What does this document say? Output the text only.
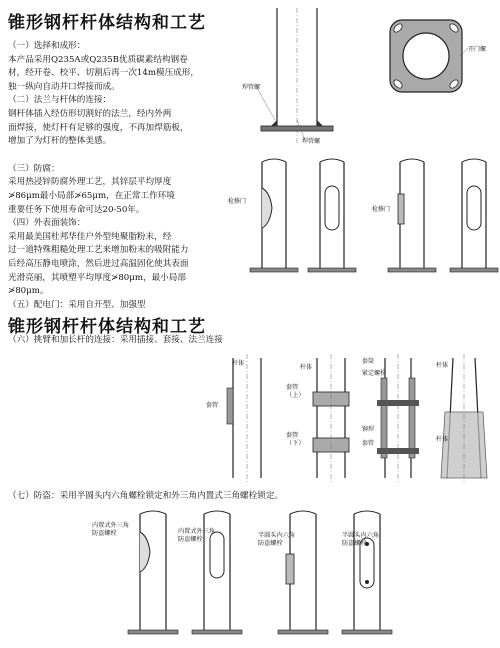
锥形钢杆杆体结构和工艺
锥形钢杆杆体结构和工艺
（一）选择和成形：
本产品采用Q235A或Q235B优质碳素结构钢卷
材，经开卷、校平、切割后再一次14m模压成形，
独一纵向自动并口焊接而成。
（二）法兰与杆体的连接：
钢杆体插入经仿形切割好的法兰，经内外两
面焊接，使灯杆有足够的强度，不再加焊筋板，
增加了为灯杆的整体美感。
（三）防腐：
采用热浸锌防腐外理工艺，其锌层平均厚度
≯86μm最小局部≯65μm，在正常工作环境
重要任务下使用寿命可达20-50年。
（四）外表面装饰：
采用最美国杜邦华佳户外型纯聚脂粉末，经
过一道特殊粗糙处理工艺来增加粉末的吸附能力
后经高压静电喷涂，然后进过高温固化使其表面
光滑亮丽，其喷塑平均厚度≯80μm，最小局部
≯80μm。
（五）配电门：采用自开型、加强型
（六）挑臂和加长杆的连接：采用插接、套接、法兰连接
（七）防盗：采用半圆头内六角螺栓锁定和外三角内置式三角螺栓锁定。
焊管螺
焊管螺
开门螺
检修门
检修门
杆体
套管
套管
（上）
套管
（下）
杆体
套筒
紧定螺栓
铆焊
套管
杆体
杆体
内置式外三角
防盗螺栓	内置式外三角
防盗螺栓	半圆头内六角
防盗螺栓
半圆头内六角
防盗螺栓
